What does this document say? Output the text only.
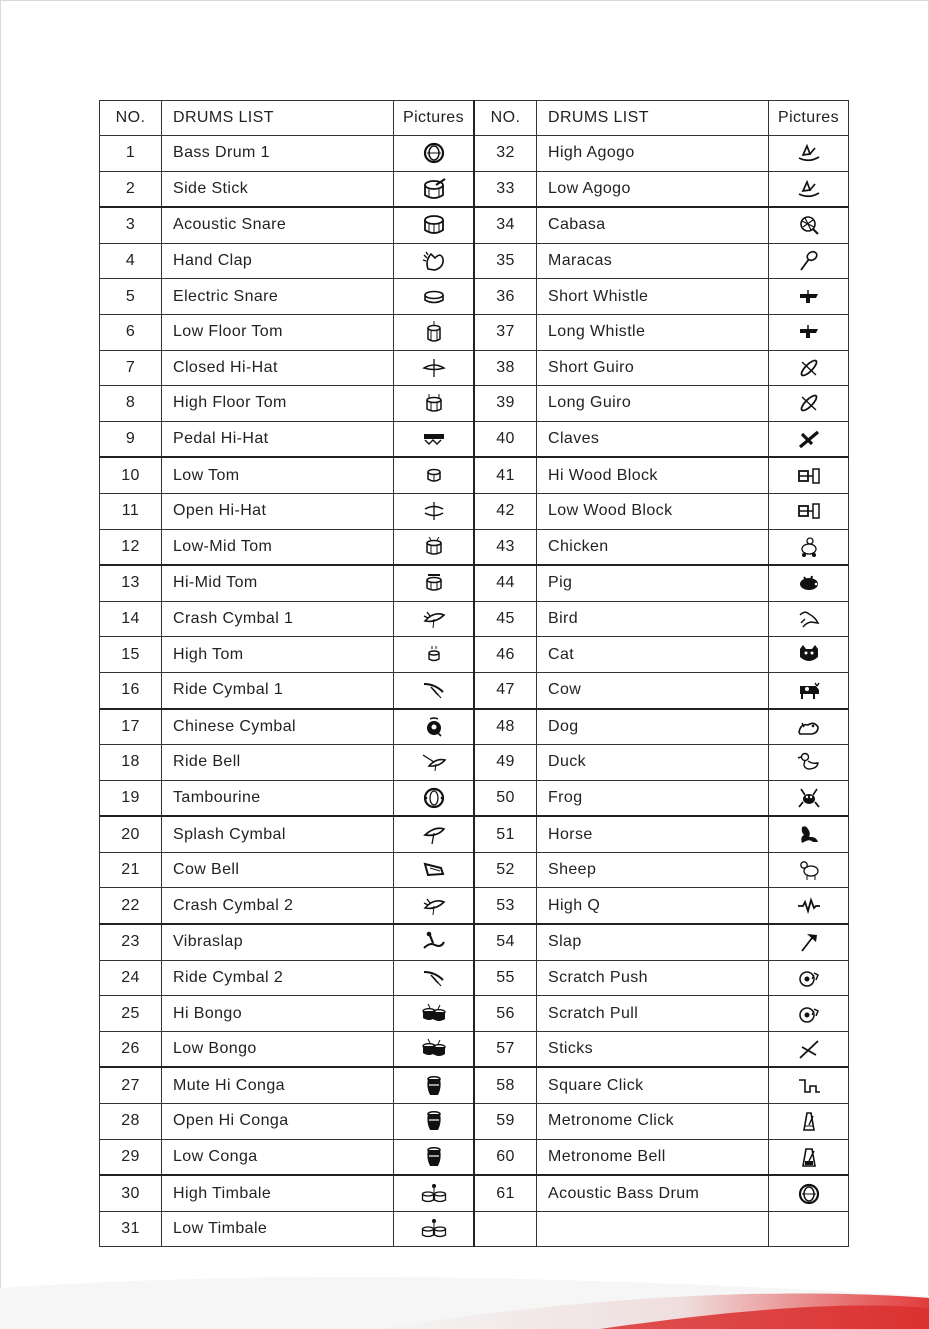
NO.	DRUMS LIST	Pictures	NO.	DRUMS LIST	Pictures
1	Bass Drum 1		32	High Agogo	

2	Side Stick		33	Low Agogo	

3	Acoustic Snare		34	Cabasa	

4	Hand Clap		35	Maracas	

5	Electric Snare		36	Short Whistle	

6	Low Floor Tom		37	Long Whistle	

7	Closed Hi-Hat		38	Short Guiro	

8	High Floor Tom		39	Long Guiro	

9	Pedal Hi-Hat		40	Claves	

10	Low Tom		41	Hi Wood Block	

11	Open Hi-Hat		42	Low Wood Block	

12	Low-Mid Tom		43	Chicken	

13	Hi-Mid Tom		44	Pig	

14	Crash Cymbal 1		45	Bird	

15	High Tom		46	Cat	

16	Ride Cymbal 1		47	Cow	

17	Chinese Cymbal		48	Dog	

18	Ride Bell		49	Duck	

19	Tambourine		50	Frog	

20	Splash Cymbal		51	Horse	

21	Cow Bell		52	Sheep	

22	Crash Cymbal 2		53	High Q	

23	Vibraslap		54	Slap	

24	Ride Cymbal 2		55	Scratch Push	

25	Hi Bongo		56	Scratch Pull	

26	Low Bongo		57	Sticks	

27	Mute Hi Conga		58	Square Click	

28	Open Hi Conga		59	Metronome Click	

29	Low Conga		60	Metronome Bell	

30	High Timbale		61	Acoustic Bass Drum	

31	Low Timbale	
